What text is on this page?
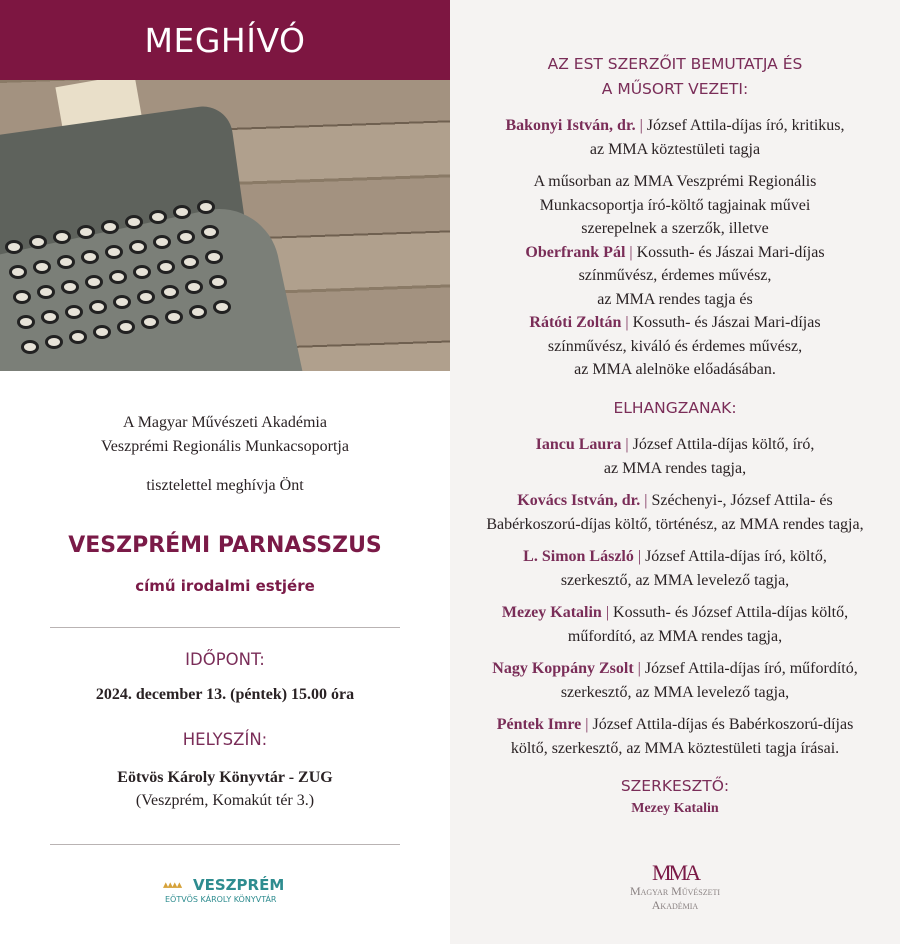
MEGHÍVÓ
A Magyar Művészeti Akadémia
Veszprémi Regionális Munkacsoportja
tisztelettel meghívja Önt
VESZPRÉMI PARNASSZUS
című irodalmi estjére
IDŐPONT:
2024. december 13. (péntek) 15.00 óra
HELYSZÍN:
Eötvös Károly Könyvtár - ZUG
(Veszprém, Komakút tér 3.)
▴▴▴▴ VESZPRÉM
EÖTVÖS KÁROLY KÖNYVTÁR
AZ EST SZERZŐIT BEMUTATJA ÉS
A MŰSORT VEZETI:
Bakonyi István, dr. | József Attila-díjas író, kritikus,
az MMA köztestületi tagja
A műsorban az MMA Veszprémi Regionális
Munkacsoportja író-költő tagjainak művei
szerepelnek a szerzők, illetve
Oberfrank Pál | Kossuth- és Jászai Mari-díjas
színművész, érdemes művész,
az MMA rendes tagja és
Rátóti Zoltán | Kossuth- és Jászai Mari-díjas
színművész, kiváló és érdemes művész,
az MMA alelnöke előadásában.
ELHANGZANAK:
Iancu Laura | József Attila-díjas költő, író,
az MMA rendes tagja,
Kovács István, dr. | Széchenyi-, József Attila- és
Babérkoszorú-díjas költő, történész, az MMA rendes tagja,
L. Simon László | József Attila-díjas író, költő,
szerkesztő, az MMA levelező tagja,
Mezey Katalin | Kossuth- és József Attila-díjas költő,
műfordító, az MMA rendes tagja,
Nagy Koppány Zsolt | József Attila-díjas író, műfordító,
szerkesztő, az MMA levelező tagja,
Péntek Imre | József Attila-díjas és Babérkoszorú-díjas
költő, szerkesztő, az MMA köztestületi tagja írásai.
SZERKESZTŐ:
Mezey Katalin
MMA
Magyar Művészeti
Akadémia
